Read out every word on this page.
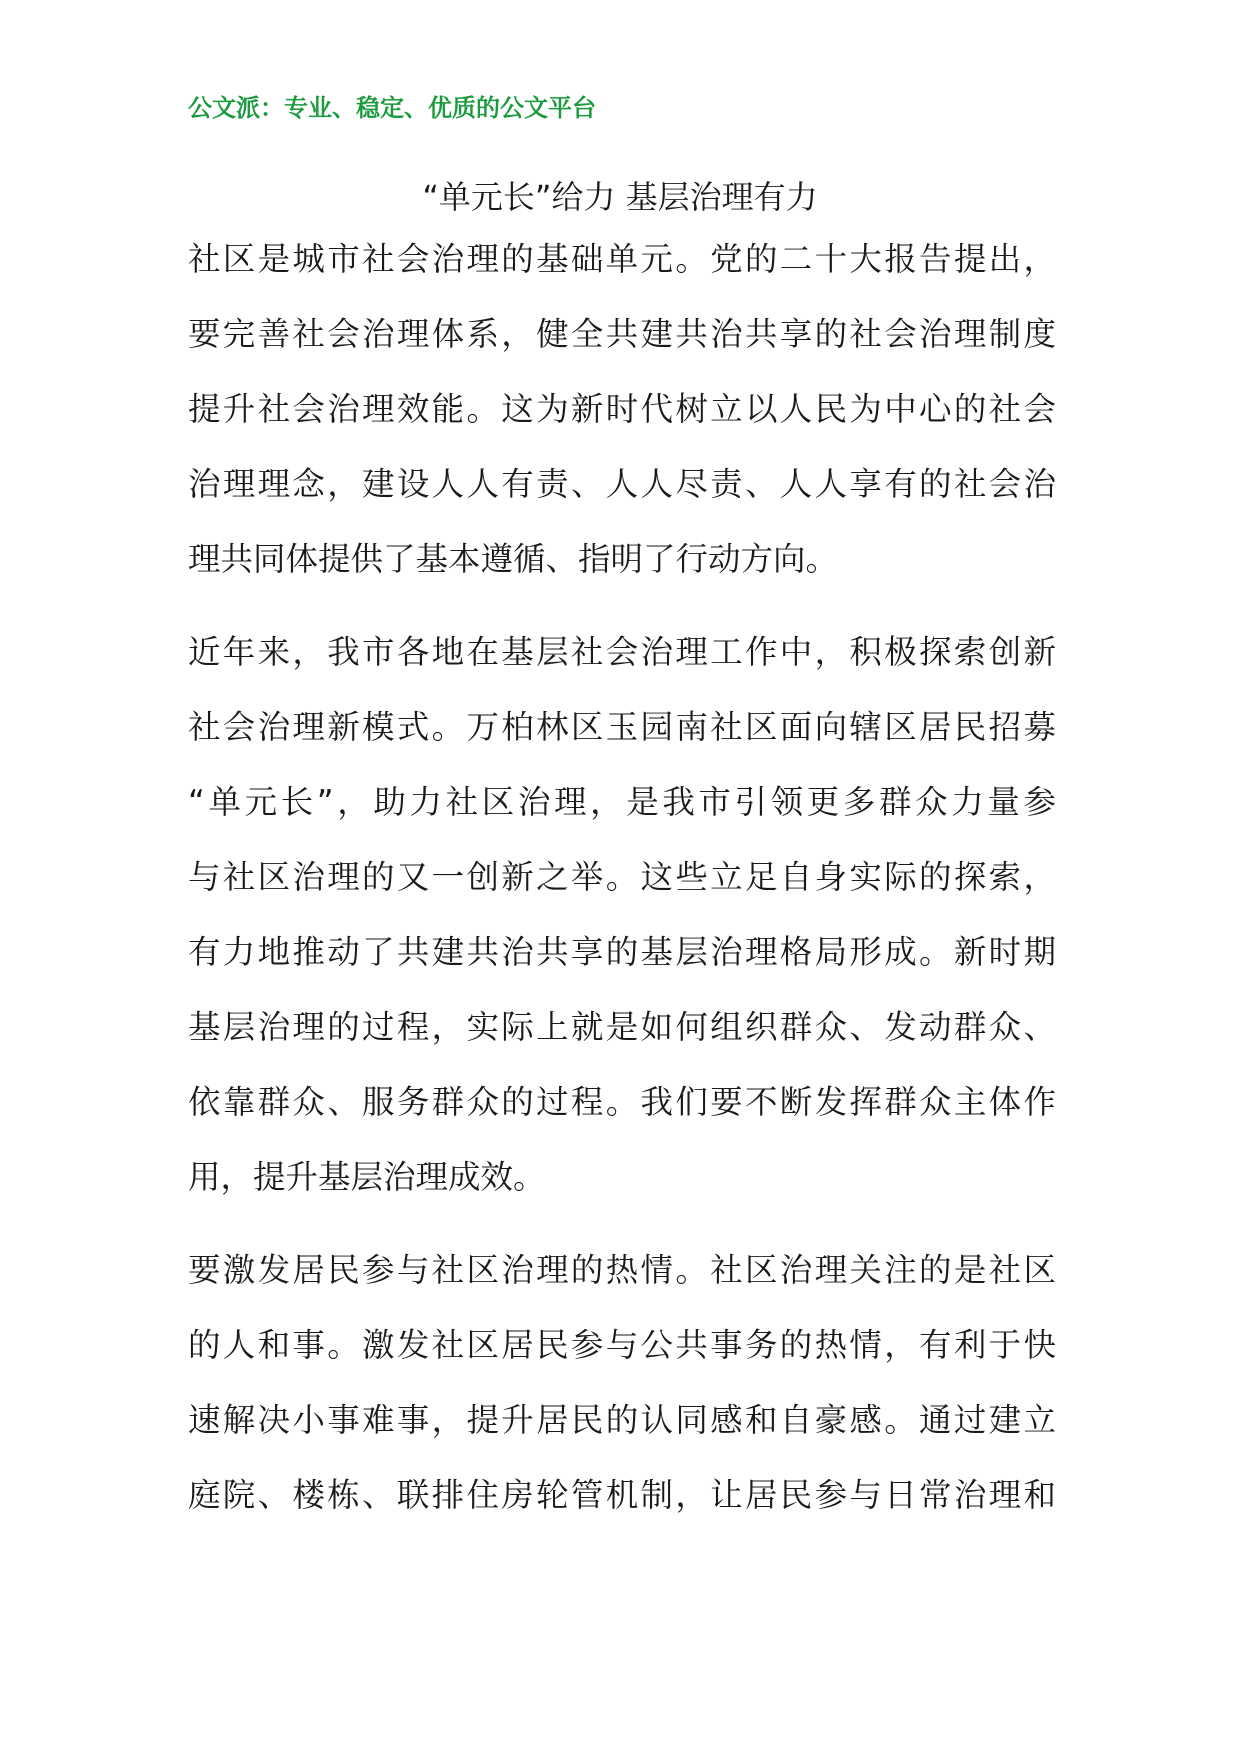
公文派：专业、稳定、优质的公文平台
“单元长”给力 基层治理有力
社区是城市社会治理的基础单元。党的二十大报告提出，
要完善社会治理体系，健全共建共治共享的社会治理制度
提升社会治理效能。这为新时代树立以人民为中心的社会
治理理念，建设人人有责、人人尽责、人人享有的社会治
理共同体提供了基本遵循、指明了行动方向。
近年来，我市各地在基层社会治理工作中，积极探索创新
社会治理新模式。万柏林区玉园南社区面向辖区居民招募
“单元长”，助力社区治理，是我市引领更多群众力量参
与社区治理的又一创新之举。这些立足自身实际的探索，
有力地推动了共建共治共享的基层治理格局形成。新时期
基层治理的过程，实际上就是如何组织群众、发动群众、
依靠群众、服务群众的过程。我们要不断发挥群众主体作
用，提升基层治理成效。
要激发居民参与社区治理的热情。社区治理关注的是社区
的人和事。激发社区居民参与公共事务的热情，有利于快
速解决小事难事，提升居民的认同感和自豪感。通过建立
庭院、楼栋、联排住房轮管机制，让居民参与日常治理和
